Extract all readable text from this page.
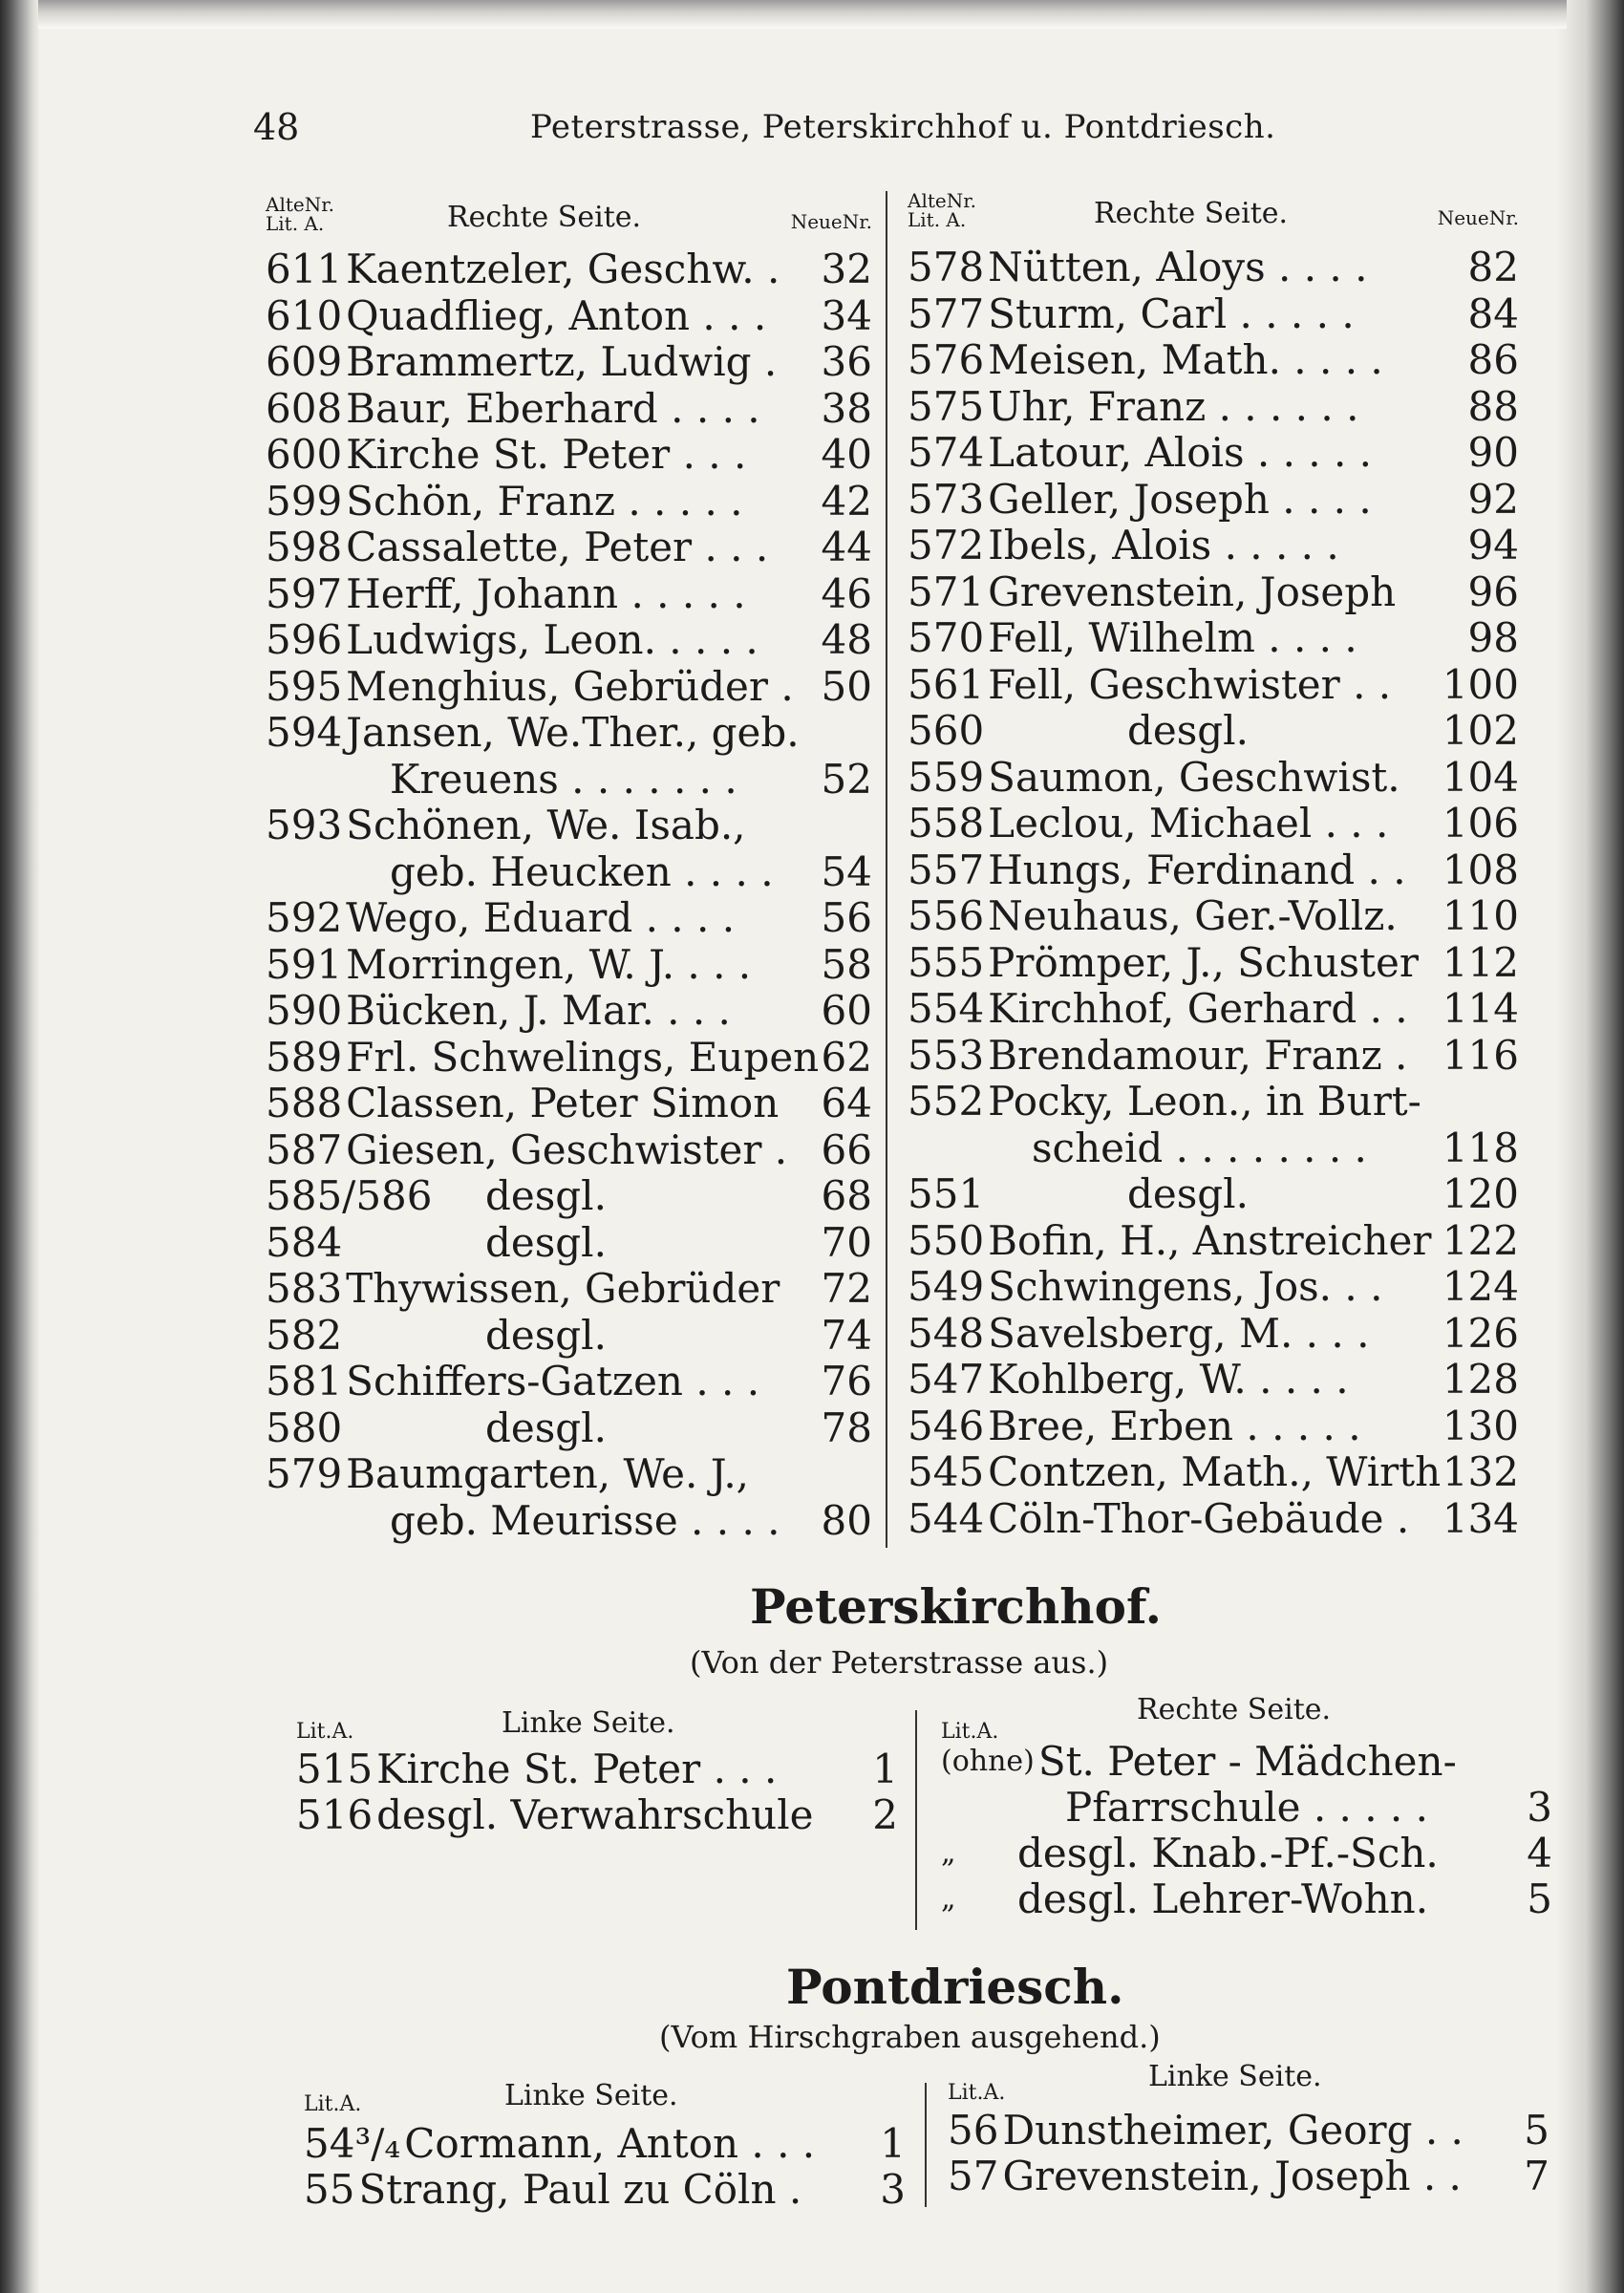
48	Peterstrasse, Peterskirchhof u. Pontdriesch.
AlteNr.
Lit. A.	Rechte Seite.	NeueNr.
611 Kaentzeler, Geschw. . 32
610 Quadflieg, Anton . . . 34
609 Brammertz, Ludwig . 36
608 Baur, Eberhard . . . . 38
600 Kirche St. Peter . . . 40
599 Schön, Franz . . . . . 42
598 Cassalette, Peter . . . 44
597 Herff, Johann . . . . . 46
596 Ludwigs, Leon. . . . . 48
595 Menghius, Gebrüder . 50
594 Jansen, We.Ther., geb.
Kreuens . . . . . . . 52
593 Schönen, We. Isab.,
geb. Heucken . . . . 54
592 Wego, Eduard . . . . 56
591 Morringen, W. J. . . . 58
590 Bücken, J. Mar. . . . 60
589 Frl. Schwelings, Eupen 62
588 Classen, Peter Simon 64
587 Giesen, Geschwister . 66
585/586 desgl.	68
584	desgl.	70
583 Thywissen, Gebrüder 72
582	desgl.	74
581 Schiffers-Gatzen . . . 76
580	desgl.	78
579 Baumgarten, We. J.,
geb. Meurisse . . . . 80
AlteNr.
Lit. A.	Rechte Seite.	NeueNr.
578 Nütten, Aloys . . . .	82
577 Sturm, Carl . . . . .	84
576 Meisen, Math. . . . . 86
575 Uhr, Franz . . . . . .	88
574 Latour, Alois . . . . . 90
573 Geller, Joseph . . . . 92
572 Ibels, Alois . . . . .	94
571 Grevenstein, Joseph 96
570 Fell, Wilhelm . . . .	98
561 Fell, Geschwister . . 100
560	desgl.	102
559 Saumon, Geschwist. 104
558 Leclou, Michael . . . 106
557 Hungs, Ferdinand . . 108
556 Neuhaus, Ger.-Vollz. 110
555 Prömper, J., Schuster 112
554 Kirchhof, Gerhard . . 114
553 Brendamour, Franz . 116
552 Pocky, Leon., in Burt-
scheid . . . . . . . . 118
551	desgl.	120
550 Bofin, H., Anstreicher 122
549 Schwingens, Jos. . . 124
548 Savelsberg, M. . . . 126
547 Kohlberg, W. . . . . 128
546 Bree, Erben . . . . . 130
545 Contzen, Math., Wirth 132
544 Cöln-Thor-Gebäude . 134
Peterskirchhof.
(Von der Peterstrasse aus.)
Lit.A.	Linke Seite.
515 Kirche St. Peter . . . 1
516 desgl. Verwahrschule 2
Lit.A.
Rechte Seite.
(ohne) St. Peter - Mädchen-
Pfarrschule . . . . . 3
„ desgl. Knab.-Pf.-Sch. 4
„ desgl. Lehrer-Wohn. 5
Pontdriesch.
(Vom Hirschgraben ausgehend.)
Lit.A.	Linke Seite.
54³/₄ Cormann, Anton . . . 1
55 Strang, Paul zu Cöln . 3
Lit.A.	Linke Seite.
56 Dunstheimer, Georg . . 5
57 Grevenstein, Joseph . . 7
